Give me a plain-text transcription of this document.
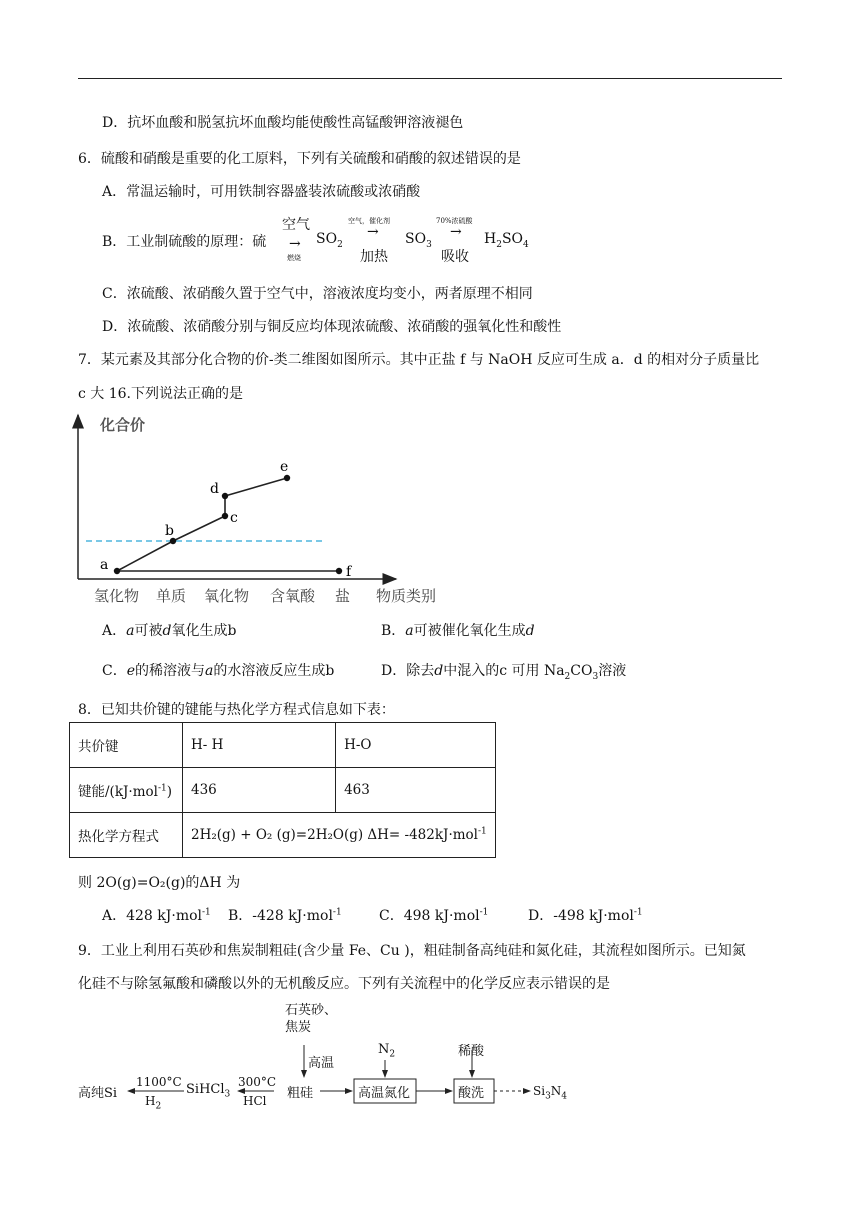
D．抗坏血酸和脱氢抗坏血酸均能使酸性高锰酸钾溶液褪色
6．硫酸和硝酸是重要的化工原料，下列有关硫酸和硝酸的叙述错误的是
A．常温运输时，可用铁制容器盛装浓硫酸或浓硝酸
B．工业制硫酸的原理：硫
空气
→
燃烧
$SO_2$
空气，催化剂
→
加热
$SO_3$
70%浓硫酸
→
吸收
$H_2SO_4$
C．浓硫酸、浓硝酸久置于空气中，溶液浓度均变小，两者原理不相同
D．浓硫酸、浓硝酸分别与铜反应均体现浓硫酸、浓硝酸的强氧化性和酸性
7．某元素及其部分化合物的价-类二维图如图所示。其中正盐 f 与 NaOH 反应可生成 a．d 的相对分子质量比
c 大 16.下列说法正确的是
化合价
a
b
c
d
e
f
氢化物 单质 氧化物 含氧酸 盐 物质类别
A．a可被d氧化生成b	B．a可被催化氧化生成d
C．e的稀溶液与a的水溶液反应生成b	D．除去d中混入的c 可用 $Na_2CO_3$溶液
8．已知共价键的键能与热化学方程式信息如下表：
共价键	H- H	H-O
键能/(kJ·mol$^{-1}$)	436	463
热化学方程式	2H₂(g) + O₂ (g)=2H₂O(g) ΔH= -482kJ·mol$^{-1}$
则 2O(g)=O₂(g)的ΔH 为
A．428 kJ·mol$^{-1}$ B．-428 kJ·mol$^{-1}$	C．498 kJ·mol$^{-1}$	D．-498 kJ·mol$^{-1}$
9．工业上利用石英砂和焦炭制粗硅(含少量 Fe、Cu )，粗硅制备高纯硅和氮化硅，其流程如图所示。已知氮
化硅不与除氢氟酸和磷酸以外的无机酸反应。下列有关流程中的化学反应表示错误的是
石英砂、
焦炭
高温
$N_2$	稀酸
高纯Si
1100°C
$H_2$
SiHCl$_3$
300°C
HCl 粗硅	高温氮化	酸洗	$Si_3N_4$
